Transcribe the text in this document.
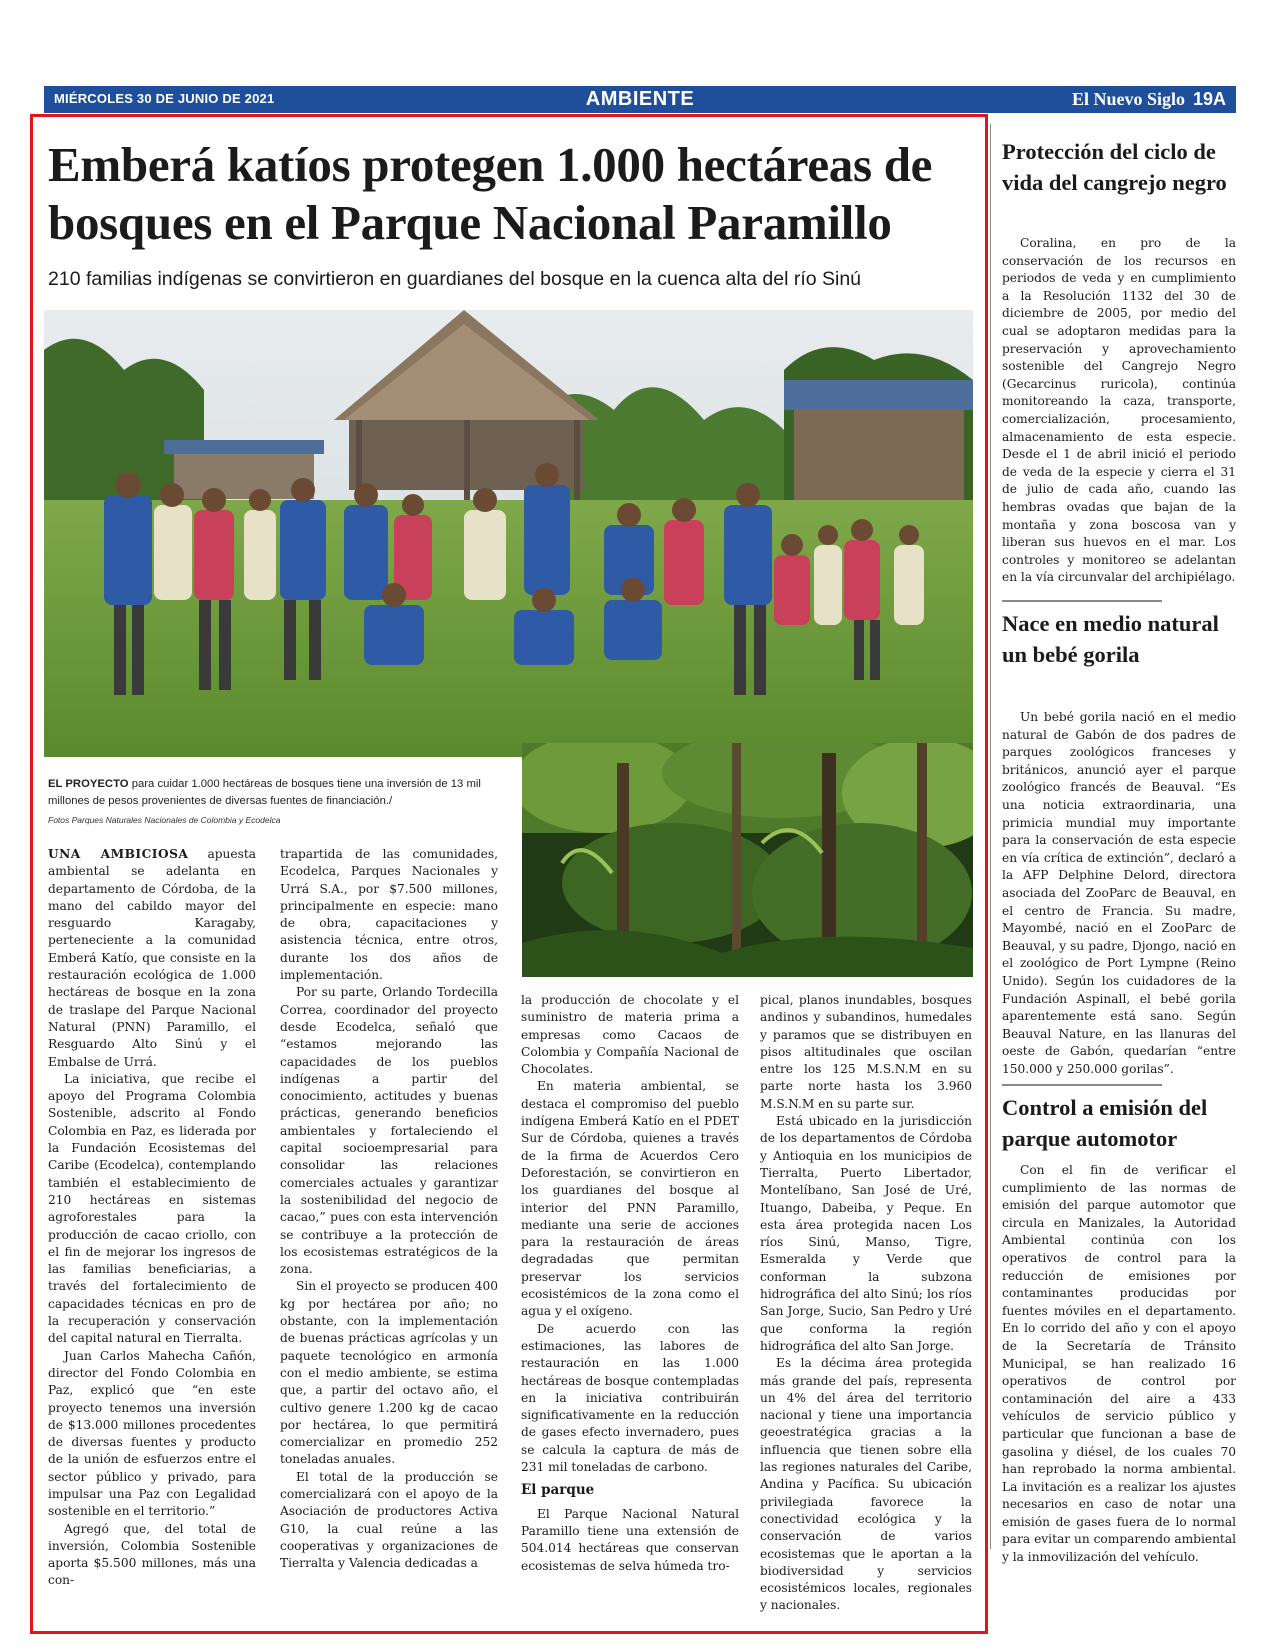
MIÉRCOLES 30 DE JUNIO DE 2021	AMBIENTE	El Nuevo Siglo 19A
Emberá katíos protegen 1.000 hectáreas de bosques en el Parque Nacional Paramillo

210 familias indígenas se convirtieron en guardianes del bosque en la cuenca alta del río Sinú

EL PROYECTO para cuidar 1.000 hectáreas de bosques tiene una inversión de 13 mil millones de pesos provenientes de diversas fuentes de financiación./

Fotos Parques Naturales Nacionales de Colombia y Ecodelca

UNA AMBICIOSA apuesta ambiental se adelanta en departamento de Córdoba, de la mano del cabildo mayor del resguardo Karagaby, perteneciente a la comunidad Emberá Katío, que consiste en la restauración ecológica de 1.000 hectáreas de bosque en la zona de traslape del Parque Nacional Natural (PNN) Paramillo, el Resguardo Alto Sinú y el Embalse de Urrá.

La iniciativa, que recibe el apoyo del Programa Colombia Sostenible, adscrito al Fondo Colombia en Paz, es liderada por la Fundación Ecosistemas del Caribe (Ecodelca), contemplando también el establecimiento de 210 hectáreas en sistemas agroforestales para la producción de cacao criollo, con el fin de mejorar los ingresos de las familias beneficiarias, a través del fortalecimiento de capacidades técnicas en pro de la recuperación y conservación del capital natural en Tierralta.

Juan Carlos Mahecha Cañón, director del Fondo Colombia en Paz, explicó que “en este proyecto tenemos una inversión de $13.000 millones procedentes de diversas fuentes y producto de la unión de esfuerzos entre el sector público y privado, para impulsar una Paz con Legalidad sostenible en el territorio.”

Agregó que, del total de inversión, Colombia Sostenible aporta $5.500 millones, más una con-

trapartida de las comunidades, Ecodelca, Parques Nacionales y Urrá S.A., por $7.500 millones, principalmente en especie: mano de obra, capacitaciones y asistencia técnica, entre otros, durante los dos años de implementación.

Por su parte, Orlando Tordecilla Correa, coordinador del proyecto desde Ecodelca, señaló que “estamos mejorando las capacidades de los pueblos indígenas a partir del conocimiento, actitudes y buenas prácticas, generando beneficios ambientales y fortaleciendo el capital socioempresarial para consolidar las relaciones comerciales actuales y garantizar la sostenibilidad del negocio de cacao,” pues con esta intervención se contribuye a la protección de los ecosistemas estratégicos de la zona.

Sin el proyecto se producen 400 kg por hectárea por año; no obstante, con la implementación de buenas prácticas agrícolas y un paquete tecnológico en armonía con el medio ambiente, se estima que, a partir del octavo año, el cultivo genere 1.200 kg de cacao por hectárea, lo que permitirá comercializar en promedio 252 toneladas anuales.

El total de la producción se comercializará con el apoyo de la Asociación de productores Activa G10, la cual reúne a las cooperativas y organizaciones de Tierralta y Valencia dedicadas a

la producción de chocolate y el suministro de materia prima a empresas como Cacaos de Colombia y Compañía Nacional de Chocolates.

En materia ambiental, se destaca el compromiso del pueblo indígena Emberá Katío en el PDET Sur de Córdoba, quienes a través de la firma de Acuerdos Cero Deforestación, se convirtieron en los guardianes del bosque al interior del PNN Paramillo, mediante una serie de acciones para la restauración de áreas degradadas que permitan preservar los servicios ecosistémicos de la zona como el agua y el oxígeno.

De acuerdo con las estimaciones, las labores de restauración en las 1.000 hectáreas de bosque contempladas en la iniciativa contribuirán significativamente en la reducción de gases efecto invernadero, pues se calcula la captura de más de 231 mil toneladas de carbono.

El parque

El Parque Nacional Natural Paramillo tiene una extensión de 504.014 hectáreas que conservan ecosistemas de selva húmeda tro-

pical, planos inundables, bosques andinos y subandinos, humedales y paramos que se distribuyen en pisos altitudinales que oscilan entre los 125 M.S.N.M en su parte norte hasta los 3.960 M.S.N.M en su parte sur.

Está ubicado en la jurisdicción de los departamentos de Córdoba y Antioquia en los municipios de Tierralta, Puerto Libertador, Montelíbano, San José de Uré, Ituango, Dabeiba, y Peque. En esta área protegida nacen Los ríos Sinú, Manso, Tigre, Esmeralda y Verde que conforman la subzona hidrográfica del alto Sinú; los ríos San Jorge, Sucio, San Pedro y Uré que conforma la región hidrográfica del alto San Jorge.

Es la décima área protegida más grande del país, representa un 4% del área del territorio nacional y tiene una importancia geoestratégica gracias a la influencia que tienen sobre ella las regiones naturales del Caribe, Andina y Pacífica. Su ubicación privilegiada favorece la conectividad ecológica y la conservación de varios ecosistemas que le aportan a la biodiversidad y servicios ecosistémicos locales, regionales y nacionales.

Protección del ciclo de vida del cangrejo negro

Coralina, en pro de la conservación de los recursos en periodos de veda y en cumplimiento a la Resolución 1132 del 30 de diciembre de 2005, por medio del cual se adoptaron medidas para la preservación y aprovechamiento sostenible del Cangrejo Negro (Gecarcinus ruricola), continúa monitoreando la caza, transporte, comercialización, procesamiento, almacenamiento de esta especie. Desde el 1 de abril inició el periodo de veda de la especie y cierra el 31 de julio de cada año, cuando las hembras ovadas que bajan de la montaña y zona boscosa van y liberan sus huevos en el mar. Los controles y monitoreo se adelantan en la vía circunvalar del archipiélago.

Nace en medio natural un bebé gorila

Un bebé gorila nació en el medio natural de Gabón de dos padres de parques zoológicos franceses y británicos, anunció ayer el parque zoológico francés de Beauval. “Es una noticia extraordinaria, una primicia mundial muy importante para la conservación de esta especie en vía crítica de extinción”, declaró a la AFP Delphine Delord, directora asociada del ZooParc de Beauval, en el centro de Francia. Su madre, Mayombé, nació en el ZooParc de Beauval, y su padre, Djongo, nació en el zoológico de Port Lympne (Reino Unido). Según los cuidadores de la Fundación Aspinall, el bebé gorila aparentemente está sano. Según Beauval Nature, en las llanuras del oeste de Gabón, quedarían “entre 150.000 y 250.000 gorilas”.

Control a emisión del parque automotor

Con el fin de verificar el cumplimiento de las normas de emisión del parque automotor que circula en Manizales, la Autoridad Ambiental continúa con los operativos de control para la reducción de emisiones por contaminantes producidas por fuentes móviles en el departamento. En lo corrido del año y con el apoyo de la Secretaría de Tránsito Municipal, se han realizado 16 operativos de control por contaminación del aire a 433 vehículos de servicio público y particular que funcionan a base de gasolina y diésel, de los cuales 70 han reprobado la norma ambiental. La invitación es a realizar los ajustes necesarios en caso de notar una emisión de gases fuera de lo normal para evitar un comparendo ambiental y la inmovilización del vehículo.
